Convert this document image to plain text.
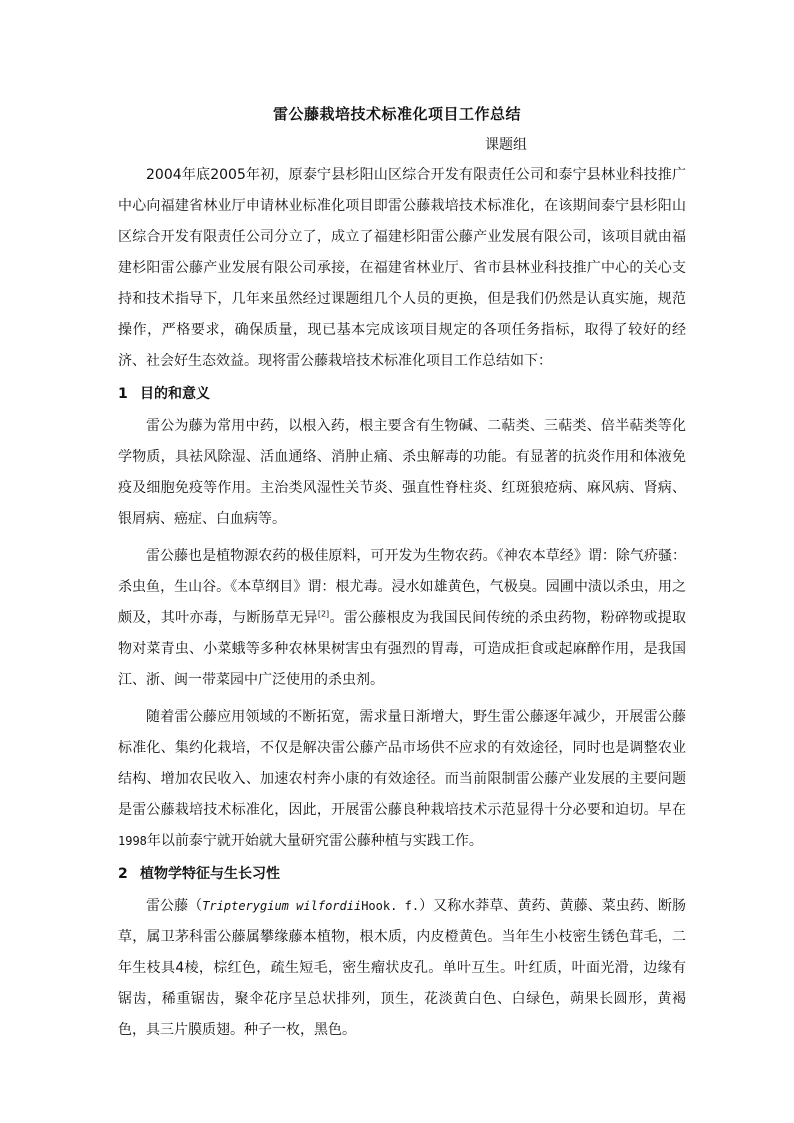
雷公藤栽培技术标准化项目工作总结
课题组

2004年底2005年初，原泰宁县杉阳山区综合开发有限责任公司和泰宁县林业科技推广中心向福建省林业厅申请林业标准化项目即雷公藤栽培技术标准化，在该期间泰宁县杉阳山区综合开发有限责任公司分立了，成立了福建杉阳雷公藤产业发展有限公司，该项目就由福建杉阳雷公藤产业发展有限公司承接，在福建省林业厅、省市县林业科技推广中心的关心支持和技术指导下，几年来虽然经过课题组几个人员的更换，但是我们仍然是认真实施，规范操作，严格要求，确保质量，现已基本完成该项目规定的各项任务指标，取得了较好的经济、社会好生态效益。现将雷公藤栽培技术标准化项目工作总结如下：

1 目的和意义

雷公为藤为常用中药，以根入药，根主要含有生物碱、二萜类、三萜类、倍半萜类等化学物质，具祛风除湿、活血通络、消肿止痛、杀虫解毒的功能。有显著的抗炎作用和体液免疫及细胞免疫等作用。主治类风湿性关节炎、强直性脊柱炎、红斑狼疮病、麻风病、肾病、银屑病、癌症、白血病等。

雷公藤也是植物源农药的极佳原料，可开发为生物农药。《神农本草经》谓：除气疥骚：杀虫鱼，生山谷。《本草纲目》谓：根尤毒。浸水如雄黄色，气极臭。园圃中渍以杀虫，用之颇及，其叶亦毒，与断肠草无异[2]。雷公藤根皮为我国民间传统的杀虫药物，粉碎物或提取物对菜青虫、小菜蛾等多种农林果树害虫有强烈的胃毒，可造成拒食或起麻醉作用，是我国江、浙、闽一带菜园中广泛使用的杀虫剂。

随着雷公藤应用领域的不断拓宽，需求量日渐增大，野生雷公藤逐年减少，开展雷公藤标准化、集约化栽培，不仅是解决雷公藤产品市场供不应求的有效途径，同时也是调整农业结构、增加农民收入、加速农村奔小康的有效途径。而当前限制雷公藤产业发展的主要问题是雷公藤栽培技术标准化，因此，开展雷公藤良种栽培技术示范显得十分必要和迫切。早在1998年以前泰宁就开始就大量研究雷公藤种植与实践工作。

2 植物学特征与生长习性

雷公藤（Tripterygium wilfordiiHook. f.）又称水莽草、黄药、黄藤、菜虫药、断肠草，属卫茅科雷公藤属攀缘藤本植物，根木质，内皮橙黄色。当年生小枝密生锈色茸毛，二年生枝具4棱，棕红色，疏生短毛，密生瘤状皮孔。单叶互生。叶红质，叶面光滑，边缘有锯齿，稀重锯齿，聚伞花序呈总状排列，顶生，花淡黄白色、白绿色，蒴果长圆形，黄褐色，具三片膜质翅。种子一枚，黑色。
